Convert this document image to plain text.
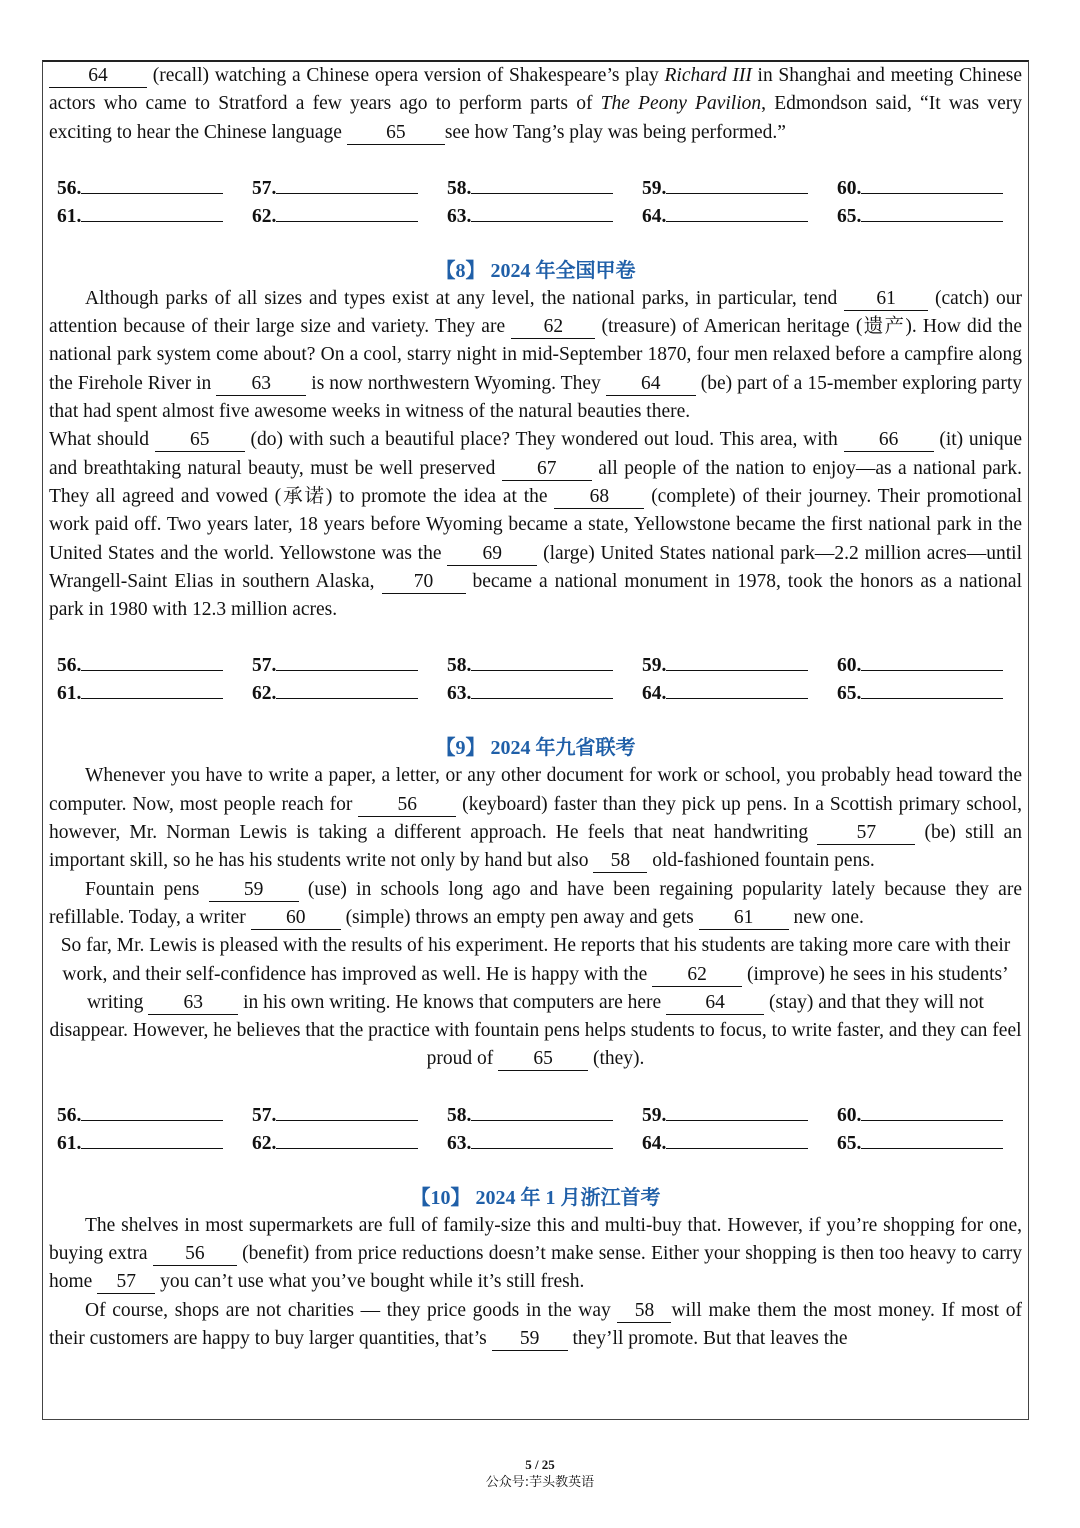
64 (recall) watching a Chinese opera version of Shakespeare’s play Richard III in Shanghai and meeting Chinese actors who came to Stratford a few years ago to perform parts of The Peony Pavilion, Edmondson said, “It was very exciting to hear the Chinese language 65 see how Tang’s play was being performed.”

56.	57.	58.	59.	60.
61.	62.	63.	64.	65.

【8】 2024 年全国甲卷

Although parks of all sizes and types exist at any level, the national parks, in particular, tend 61 (catch) our attention because of their large size and variety. They are 62 (treasure) of American heritage (遗产). How did the national park system come about? On a cool, starry night in mid-September 1870, four men relaxed before a campfire along the Firehole River in 63 is now northwestern Wyoming. They 64 (be) part of a 15-member exploring party that had spent almost five awesome weeks in witness of the natural beauties there.

What should 65 (do) with such a beautiful place? They wondered out loud. This area, with 66 (it) unique and breathtaking natural beauty, must be well preserved 67 all people of the nation to enjoy—as a national park. They all agreed and vowed (承诺) to promote the idea at the 68 (complete) of their journey. Their promotional work paid off. Two years later, 18 years before Wyoming became a state, Yellowstone became the first national park in the United States and the world. Yellowstone was the 69 (large) United States national park—2.2 million acres—until Wrangell-Saint Elias in southern Alaska, 70 became a national monument in 1978, took the honors as a national park in 1980 with 12.3 million acres.

56.	57.	58.	59.	60.
61.	62.	63.	64.	65.

【9】 2024 年九省联考

Whenever you have to write a paper, a letter, or any other document for work or school, you probably head toward the computer. Now, most people reach for 56 (keyboard) faster than they pick up pens. In a Scottish primary school, however, Mr. Norman Lewis is taking a different approach. He feels that neat handwriting 57 (be) still an important skill, so he has his students write not only by hand but also 58 old-fashioned fountain pens.

Fountain pens 59 (use) in schools long ago and have been regaining popularity lately because they are refillable. Today, a writer 60 (simple) throws an empty pen away and gets 61 new one.

So far, Mr. Lewis is pleased with the results of his experiment. He reports that his students are taking more care with their work, and their self-confidence has improved as well. He is happy with the 62 (improve) he sees in his students’ writing 63 in his own writing. He knows that computers are here 64 (stay) and that they will not disappear. However, he believes that the practice with fountain pens helps students to focus, to write faster, and they can feel proud of 65 (they).

56.	57.	58.	59.	60.
61.	62.	63.	64.	65.

【10】 2024 年 1 月浙江首考

The shelves in most supermarkets are full of family-size this and multi-buy that. However, if you’re shopping for one, buying extra 56 (benefit) from price reductions doesn’t make sense. Either your shopping is then too heavy to carry home 57 you can’t use what you’ve bought while it’s still fresh.

Of course, shops are not charities — they price goods in the way 58 will make them the most money. If most of their customers are happy to buy larger quantities, that’s 59 they’ll promote. But that leaves the

5 / 25
公众号:芋头教英语
